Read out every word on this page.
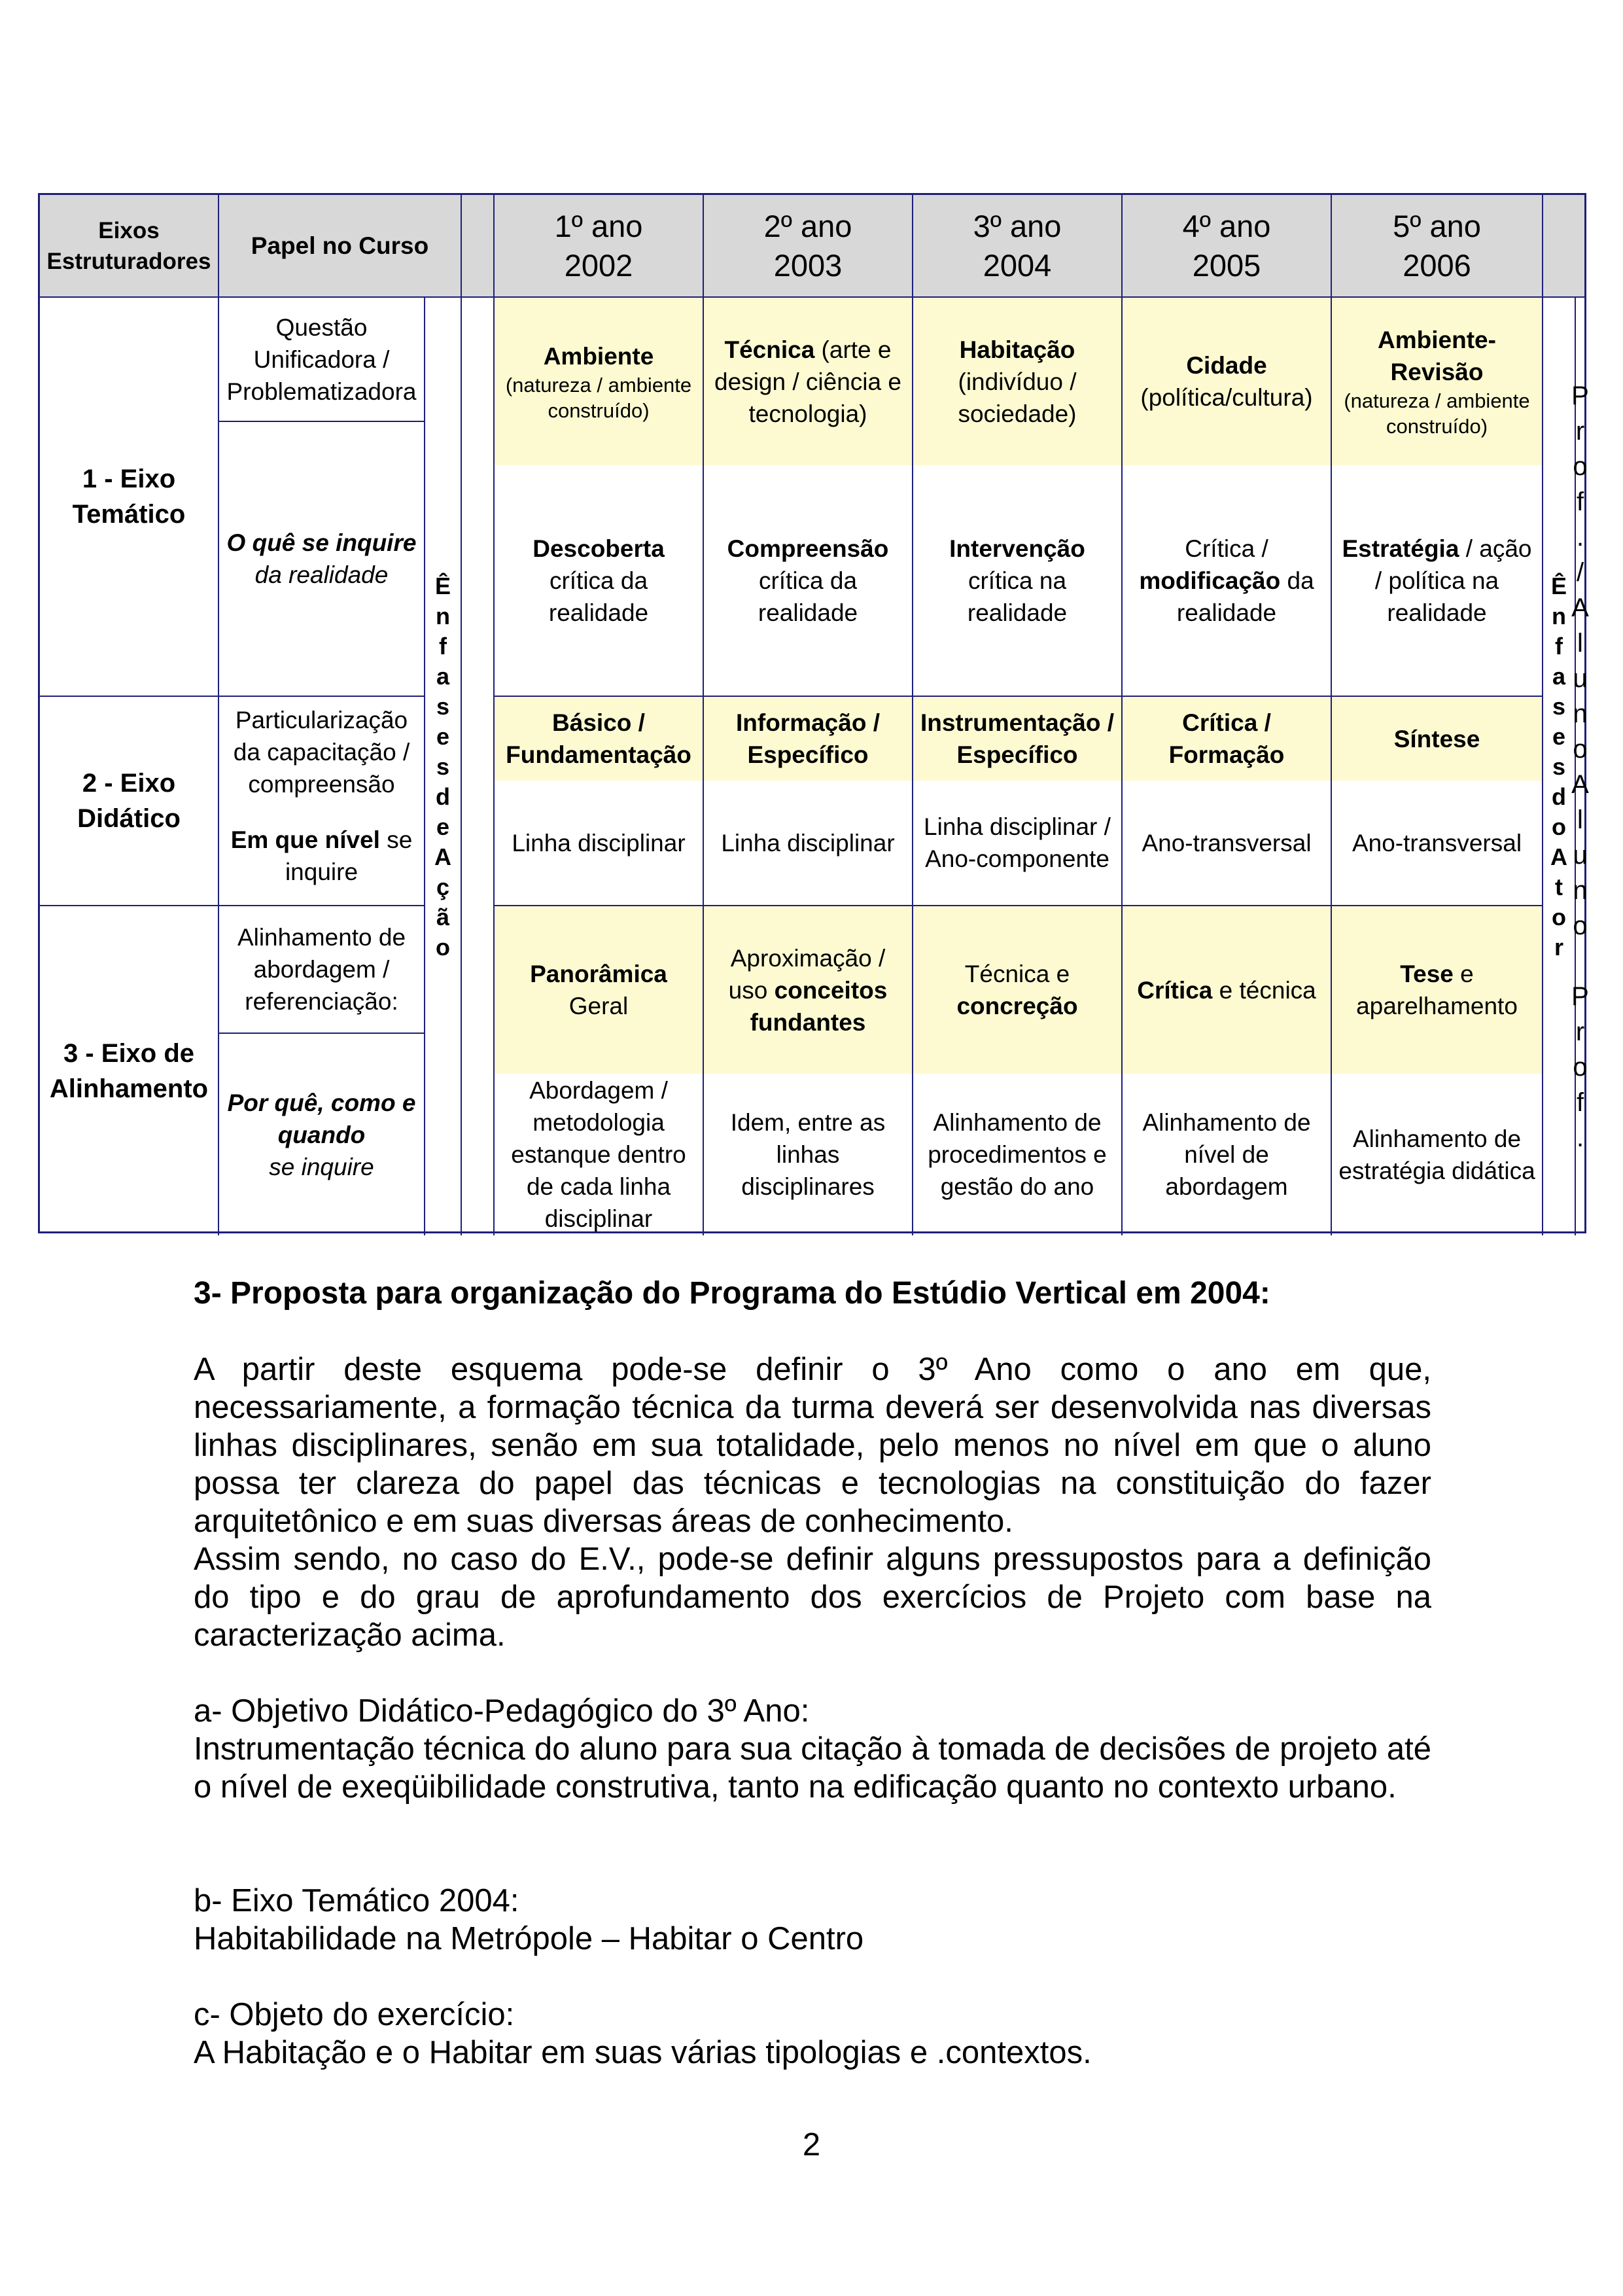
Eixos Estruturadores
Papel no Curso
1º ano
2002
2º ano
2003
3º ano
2004
4º ano
2005
5º ano
2006
1 - Eixo Temático
2 - Eixo Didático
3 - Eixo de Alinhamento
Questão Unificadora /
Problematizadora
O quê se inquire
da realidade
Particularização da capacitação / compreensão
Em que nível se inquire
Alinhamento de abordagem / referenciação:
Por quê, como e quando
se inquire
Ê
n
f
a
s
e
s
d
e
A
ç
ã
o
Ambiente
(natureza / ambiente construído)
Técnica (arte e design / ciência e tecnologia)
Habitação
(indivíduo / sociedade)
Cidade
(política/cultura)
Ambiente-Revisão
(natureza / ambiente construído)
Descoberta
crítica da realidade
Compreensão
crítica da realidade
Intervenção
crítica na realidade
Crítica /
modificação da realidade
Estratégia / ação / política na realidade
Básico / Fundamentação
Informação / Específico
Instrumentação / Específico
Crítica / Formação
Síntese
Linha disciplinar Linha disciplinar
Linha disciplinar / Ano-componente
Ano-transversal Ano-transversal
Panorâmica
Geral
Aproximação / uso conceitos fundantes
Técnica e
concreção
Crítica e técnica
Tese e aparelhamento
Abordagem / metodologia estanque dentro de cada linha disciplinar
Idem, entre as linhas disciplinares
Alinhamento de procedimentos e gestão do ano
Alinhamento de nível de abordagem
Alinhamento de estratégia didática
Ê
n
f
a
s
e
s
d
o
A
t
o
r
P
r
o
f
.
/
A
l
u
n
o
A
l
u
n
o

P
r
o
f
.
3- Proposta para organização do Programa do Estúdio Vertical em 2004:
A partir deste esquema pode-se definir o 3º Ano como o ano em que, necessariamente, a formação técnica da turma deverá ser desenvolvida nas diversas linhas disciplinares, senão em sua totalidade, pelo menos no nível em que o aluno possa ter clareza do papel das técnicas e tecnologias na constituição do fazer arquitetônico e em suas diversas áreas de conhecimento.
Assim sendo, no caso do E.V., pode-se definir alguns pressupostos para a definição do tipo e do grau de aprofundamento dos exercícios de Projeto com base na caracterização acima.
a- Objetivo Didático-Pedagógico do 3º Ano:
Instrumentação técnica do aluno para sua citação à tomada de decisões de projeto até o nível de exeqüibilidade construtiva, tanto na edificação quanto no contexto urbano.
b- Eixo Temático 2004:
Habitabilidade na Metrópole – Habitar o Centro
c- Objeto do exercício:
A Habitação e o Habitar em suas várias tipologias e .contextos.
2
